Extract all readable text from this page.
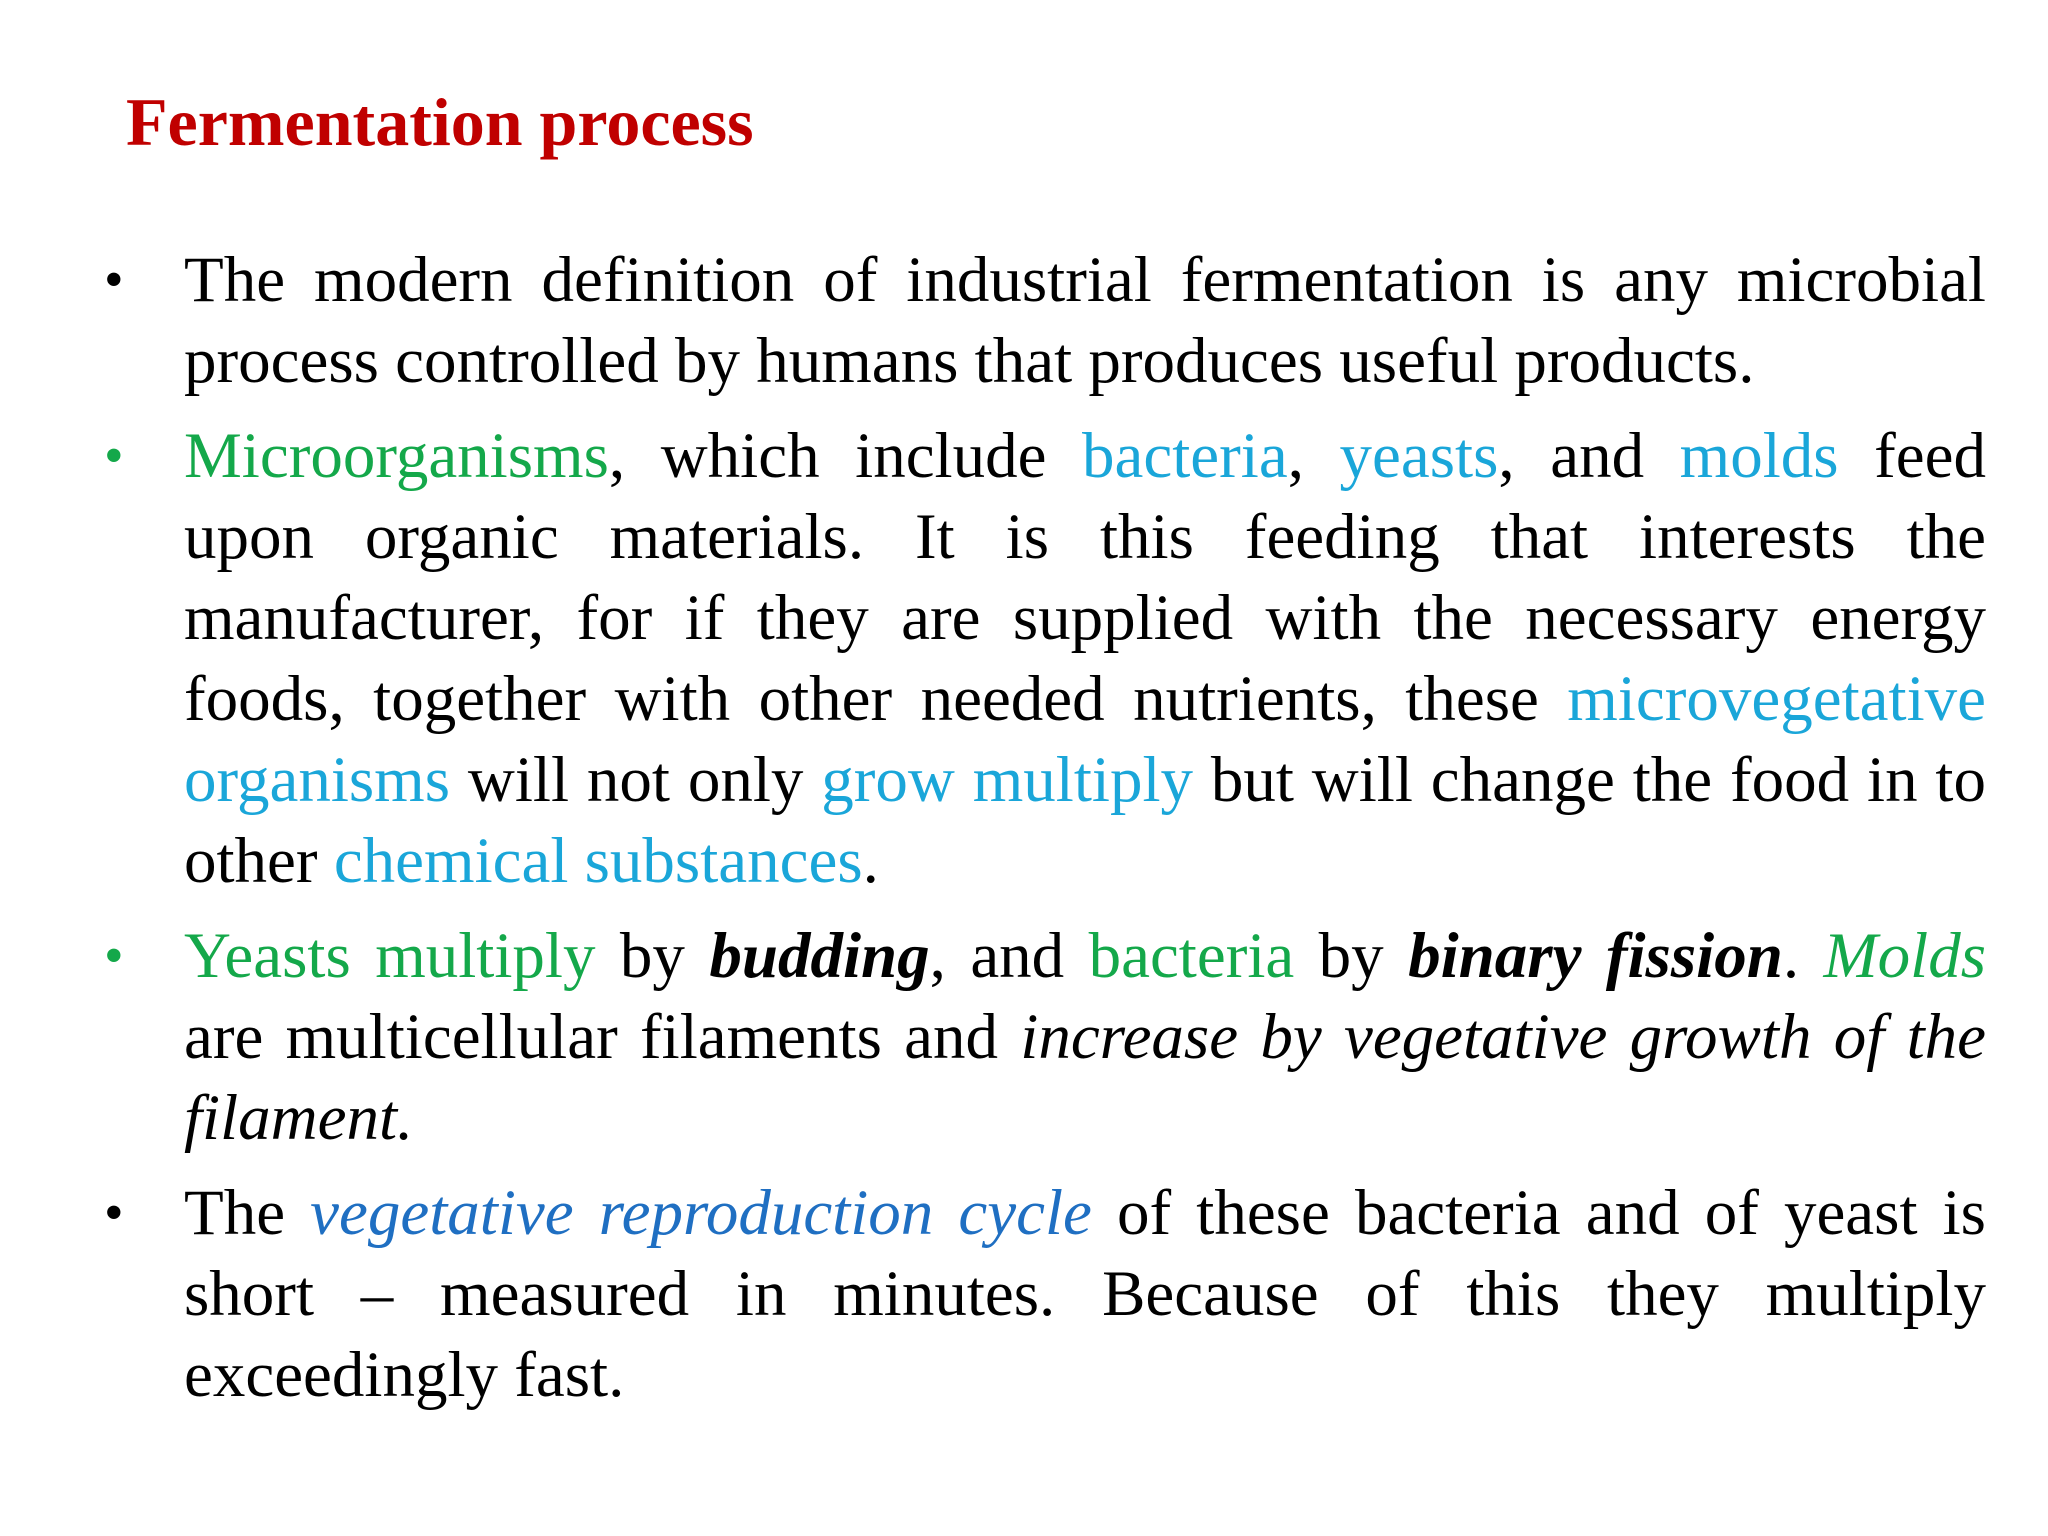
Fermentation process
• The modern definition of industrial fermentation is any microbial process controlled by humans that produces useful products.
• Microorganisms, which include bacteria, yeasts, and molds feed upon organic materials. It is this feeding that interests the manufacturer, for if they are supplied with the necessary energy foods, together with other needed nutrients, these microvegetative organisms will not only grow multiply but will change the food in to other chemical substances.
• Yeasts multiply by budding, and bacteria by binary fission. Molds are multicellular filaments and increase by vegetative growth of the filament.
• The vegetative reproduction cycle of these bacteria and of yeast is short – measured in minutes. Because of this they multiply exceedingly fast.
